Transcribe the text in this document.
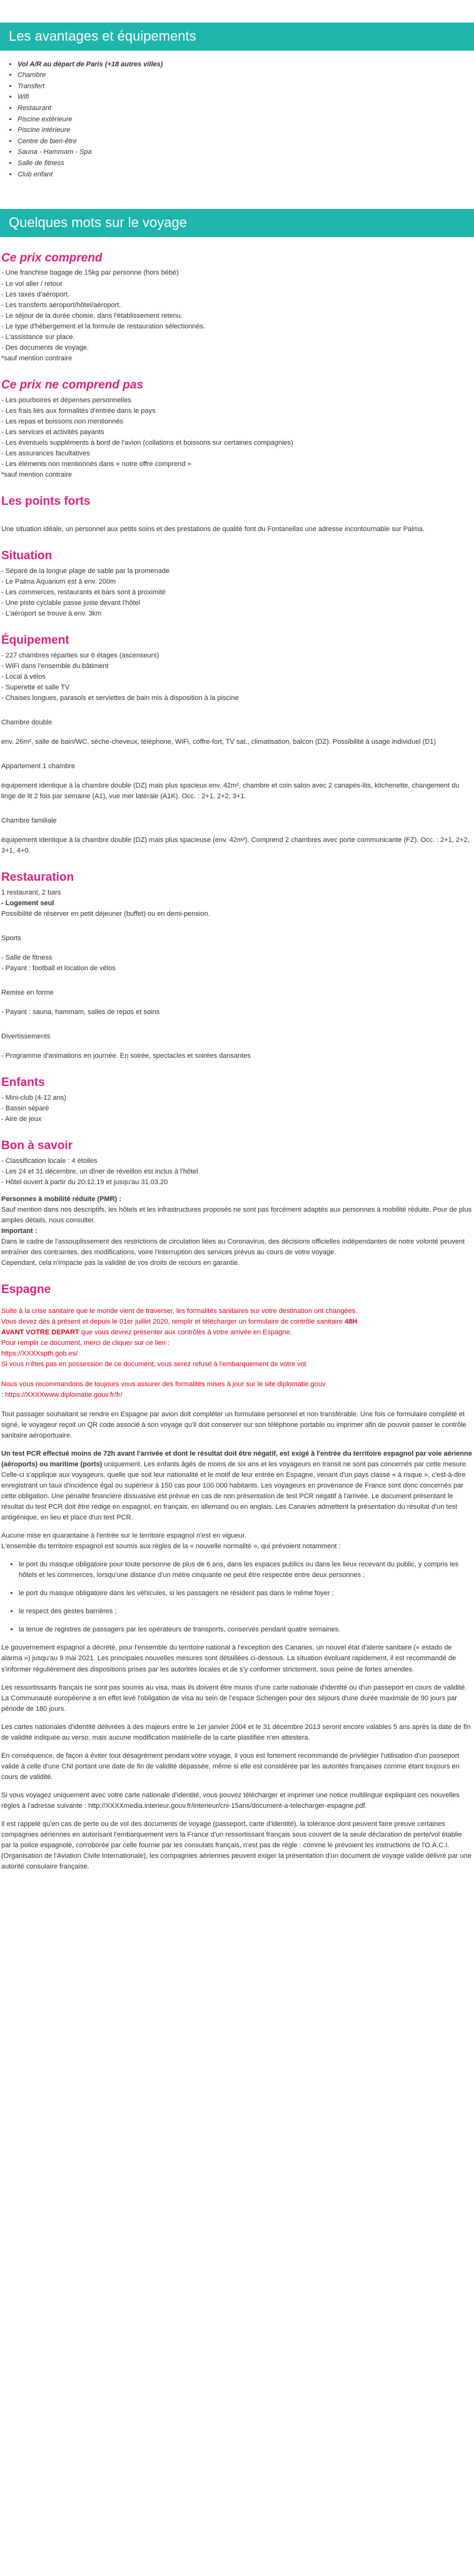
Les avantages et équipements
• Vol A/R au départ de Paris (+18 autres villes)
• Chambre
• Transfert
• Wifi
• Restaurant
• Piscine extérieure
• Piscine intérieure
• Centre de bien-être
• Sauna - Hammam - Spa
• Salle de fitness
• Club enfant
Quelques mots sur le voyage
Ce prix comprend
- Une franchise bagage de 15kg par personne (hors bébé)
- Le vol aller / retour
- Les taxes d'aéroport.
- Les transferts aéroport/hôtel/aéroport.
- Le séjour de la durée choisie, dans l'établissement retenu.
- Le type d'hébergement et la formule de restauration sélectionnés.
- L'assistance sur place.
- Des documents de voyage.
*sauf mention contraire
Ce prix ne comprend pas
- Les pourboires et dépenses personnelles
- Les frais liés aux formalités d'entrée dans le pays
- Les repas et boissons non mentionnés
- Les services et activités payants
- Les éventuels suppléments à bord de l'avion (collations et boissons sur certaines compagnies)
- Les assurances facultatives
- Les éléments non mentionnés dans « notre offre comprend »
*sauf mention contraire
Les points forts
Une situation idéale, un personnel aux petits soins et des prestations de qualité font du Fontanellas une adresse incontournable sur Palma.
Situation
- Séparé de la longue plage de sable par la promenade
- Le Palma Aquarium est à env. 200m
- Les commerces, restaurants et bars sont à proximité
- Une piste cyclable passe juste devant l'hôtel
- L'aéroport se trouve à env. 3km
Équipement
- 227 chambres réparties sur 6 étages (ascenseurs)
- WiFi dans l'ensemble du bâtiment
- Local à vélos
- Superette et salle TV
- Chaises longues, parasols et serviettes de bain mis à disposition à la piscine
Chambre double
env. 26m², salle de bain/WC, sèche-cheveux, téléphone, WiFi, coffre-fort, TV sat., climatisation, balcon (DZ). Possibilité à usage individuel (D1)
Appartement 1 chambre
équipement identique à la chambre double (DZ) mais plus spacieux env. 42m², chambre et coin salon avec 2 canapés-lits, kitchenette, changement du linge de lit 2 fois par semaine (A1), vue mer latérale (A1K). Occ. : 2+1, 2+2, 3+1.
Chambre familiale
équipement identique à la chambre double (DZ) mais plus spacieuse (env. 42m²). Comprend 2 chambres avec porte communicante (FZ). Occ. : 2+1, 2+2, 3+1, 4+0.
Restauration
1 restaurant, 2 bars
- Logement seul
Possibilité de réserver en petit déjeuner (buffet) ou en demi-pension.
Sports
- Salle de fitness
- Payant : football et location de vélos
Remise en forme
- Payant : sauna, hammam, salles de repos et soins
Divertissements
- Programme d'animations en journée. En soirée, spectacles et soirées dansantes
Enfants
- Mini-club (4-12 ans)
- Bassin séparé
- Aire de jeux
Bon à savoir
- Classification locale : 4 étoiles
- Les 24 et 31 décembre, un dîner de réveillon est inclus à l'hôtel
- Hôtel ouvert à partir du 20.12.19 et jusqu'au 31.03.20
Personnes à mobilité réduite (PMR) :
Sauf mention dans nos descriptifs, les hôtels et les infrastructures proposés ne sont pas forcément adaptés aux personnes à mobilité réduite. Pour de plus amples détails, nous consulter.
Important :
Dans le cadre de l'assouplissement des restrictions de circulation liées au Coronavirus, des décisions officielles indépendantes de notre volonté peuvent entraîner des contraintes, des modifications, voire l'interruption des services prévus au cours de votre voyage.
Cependant, cela n'impacte pas la validité de vos droits de recours en garantie.
Espagne
Suite à la crise sanitaire que le monde vient de traverser, les formalités sanitaires sur votre destination ont changées.
Vous devez dès à présent et depuis le 01er juillet 2020, remplir et télécharger un formulaire de contrôle sanitaire 48H
AVANT VOTRE DEPART que vous devrez présenter aux contrôles à votre arrivée en Espagne.
Pour remplir ce document, merci de cliquer sur ce lien :
https://XXXXspth.gob.es/
Si vous n'êtes pas en possession de ce document, vous serez refusé à l'embarquement de votre vol.
Nous vous recommandons de toujours vous assurer des formalités mises à jour sur le site diplomatie.gouv
: https://XXXXwww.diplomatie.gouv.fr/fr/
Tout passager souhaitant se rendre en Espagne par avion doit compléter un formulaire personnel et non transférable. Une fois ce formulaire complété et signé, le voyageur reçoit un QR code associé à son voyage qu'il doit conserver sur son téléphone portable ou imprimer afin de pouvoir passer le contrôle sanitaire aéroportuaire.
Un test PCR effectué moins de 72h avant l'arrivée et dont le résultat doit être négatif, est exigé à l'entrée du territoire espagnol par voie aérienne (aéroports) ou maritime (ports) uniquement. Les enfants âgés de moins de six ans et les voyageurs en transit ne sont pas concernés par cette mesure. Celle-ci s'applique aux voyageurs, quelle que soit leur nationalité et le motif de leur entrée en Espagne, venant d'un pays classé « à risque », c'est-à-dire enregistrant un taux d'incidence égal ou supérieur à 150 cas pour 100 000 habitants. Les voyageurs en provenance de France sont donc concernés par cette obligation. Une pénalité financière dissuasive est prévue en cas de non présentation de test PCR négatif à l'arrivée. Le document présentant le résultat du test PCR doit être rédigé en espagnol, en français, en allemand ou en anglais. Les Canaries admettent la présentation du résultat d'un test antigénique, en lieu et place d'un test PCR.
Aucune mise en quarantaine à l'entrée sur le territoire espagnol n'est en vigueur.
L'ensemble du territoire espagnol est soumis aux règles de la « nouvelle normalité », qui prévoient notamment :
• le port du masque obligatoire pour toute personne de plus de 6 ans, dans les espaces publics ou dans les lieux recevant du public, y compris les hôtels et les commerces, lorsqu'une distance d'un mètre cinquante ne peut être respectée entre deux personnes ;
• le port du masque obligatoire dans les véhicules, si les passagers ne résident pas dans le même foyer ;
• le respect des gestes barrières ;
• la tenue de registres de passagers par les opérateurs de transports, conservés pendant quatre semaines.
Le gouvernement espagnol a décrété, pour l'ensemble du territoire national à l'exception des Canaries, un nouvel état d'alerte sanitaire (« estado de alarma ») jusqu'au 9 mai 2021. Les principales nouvelles mesures sont détaillées ci-dessous. La situation évoluant rapidement, il est recommandé de s'informer régulièrement des dispositions prises par les autorités locales et de s'y conformer strictement, sous peine de fortes amendes.
Les ressortissants français ne sont pas soumis au visa, mais ils doivent être munis d'une carte nationale d'identité ou d'un passeport en cours de validité. La Communauté européenne a en effet levé l'obligation de visa au sein de l'espace Schengen pour des séjours d'une durée maximale de 90 jours par période de 180 jours.
Les cartes nationales d'identité délivrées à des majeurs entre le 1er janvier 2004 et le 31 décembre 2013 seront encore valables 5 ans après la date de fin de validité indiquée au verso, mais aucune modification matérielle de la carte plastifiée n'en attestera.
En conséquence, de façon à éviter tout désagrément pendant votre voyage, il vous est fortement recommandé de privilégier l'utilisation d'un passeport valide à celle d'une CNI portant une date de fin de validité dépassée, même si elle est considérée par les autorités françaises comme étant toujours en cours de validité.
Si vous voyagez uniquement avec votre carte nationale d'identité, vous pouvez télécharger et imprimer une notice multilingue expliquant ces nouvelles règles à l'adresse suivante : http://XXXXmedia.interieur.gouv.fr/interieur/cni-15ans/document-a-telecharger-espagne.pdf.
Il est rappelé qu'en cas de perte ou de vol des documents de voyage (passeport, carte d'identité), la tolérance dont peuvent faire preuve certaines compagnies aériennes en autorisant l'embarquement vers la France d'un ressortissant français sous couvert de la seule déclaration de perte/vol établie par la police espagnole, corroborée par celle fournie par les consulats français, n'est pas de règle : comme le prévoient les instructions de l'O.A.C.I. (Organisation de l'Aviation Civile Internationale), les compagnies aériennes peuvent exiger la présentation d'un document de voyage valide délivré par une autorité consulaire française.
